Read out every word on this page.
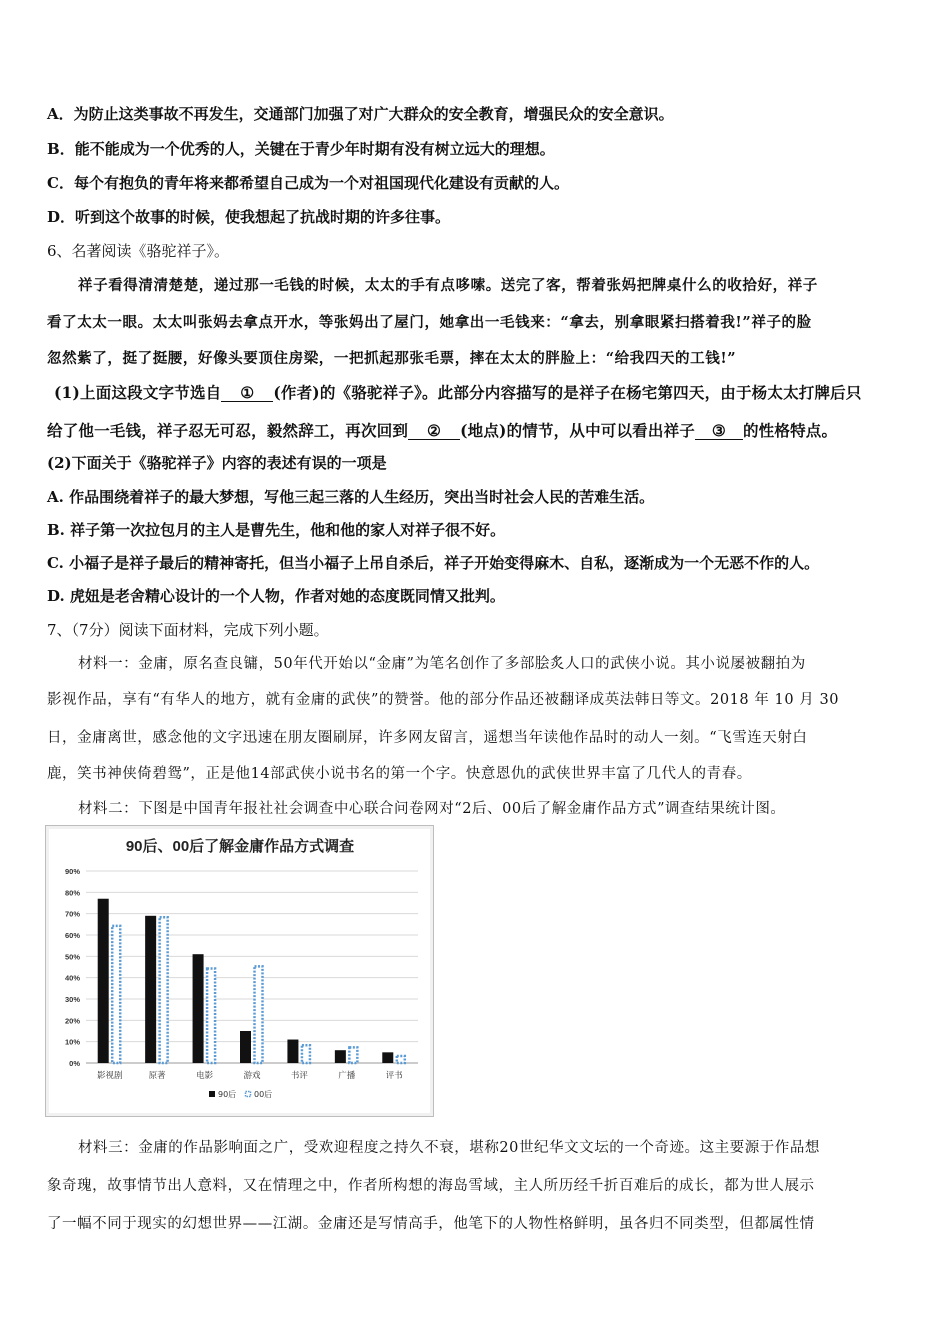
A．为防止这类事故不再发生，交通部门加强了对广大群众的安全教育，增强民众的安全意识。
B．能不能成为一个优秀的人，关键在于青少年时期有没有树立远大的理想。
C．每个有抱负的青年将来都希望自己成为一个对祖国现代化建设有贡献的人。
D．听到这个故事的时候，使我想起了抗战时期的许多往事。
6、名著阅读《骆驼祥子》。
祥子看得清清楚楚，递过那一毛钱的时候，太太的手有点哆嗦。送完了客，帮着张妈把牌桌什么的收拾好，祥子
看了太太一眼。太太叫张妈去拿点开水，等张妈出了屋门，她拿出一毛钱来：“拿去，别拿眼紧扫搭着我!”祥子的脸
忽然紫了，挺了挺腰，好像头要顶住房梁，一把抓起那张毛票，摔在太太的胖脸上：“给我四天的工钱!”
(1)上面这段文字节选自 ① (作者)的《骆驼祥子》。此部分内容描写的是祥子在杨宅第四天，由于杨太太打牌后只
给了他一毛钱，祥子忍无可忍，毅然辞工，再次回到 ② (地点)的情节，从中可以看出祥子 ③ 的性格特点。
(2)下面关于《骆驼祥子》内容的表述有误的一项是
A. 作品围绕着祥子的最大梦想，写他三起三落的人生经历，突出当时社会人民的苦难生活。
B. 祥子第一次拉包月的主人是曹先生，他和他的家人对祥子很不好。
C. 小福子是祥子最后的精神寄托，但当小福子上吊自杀后，祥子开始变得麻木、自私，逐渐成为一个无恶不作的人。
D. 虎妞是老舍精心设计的一个人物，作者对她的态度既同情又批判。
7、（7分）阅读下面材料，完成下列小题。
材料一：金庸，原名查良镛，50年代开始以“金庸”为笔名创作了多部脍炙人口的武侠小说。其小说屡被翻拍为
影视作品，享有“有华人的地方，就有金庸的武侠”的赞誉。他的部分作品还被翻译成英法韩日等文。2018 年 10 月 30
日，金庸离世，感念他的文字迅速在朋友圈刷屏，许多网友留言，遥想当年读他作品时的动人一刻。“飞雪连天射白
鹿，笑书神侠倚碧鸳”，正是他14部武侠小说书名的第一个字。快意恩仇的武侠世界丰富了几代人的青春。
材料二：下图是中国青年报社社会调查中心联合问卷网对“2后、00后了解金庸作品方式”调查结果统计图。
90后、00后了解金庸作品方式调查
0%
10%
20%
30%
40%
50%
60%
70%
80%
90%
影视剧	原著	电影	游戏	书评	广播	评书
90后 00后
材料三：金庸的作品影响面之广，受欢迎程度之持久不衰，堪称20世纪华文文坛的一个奇迹。这主要源于作品想
象奇瑰，故事情节出人意料，又在情理之中，作者所构想的海岛雪域，主人所历经千折百难后的成长，都为世人展示
了一幅不同于现实的幻想世界——江湖。金庸还是写情高手，他笔下的人物性格鲜明，虽各归不同类型，但都属性情
